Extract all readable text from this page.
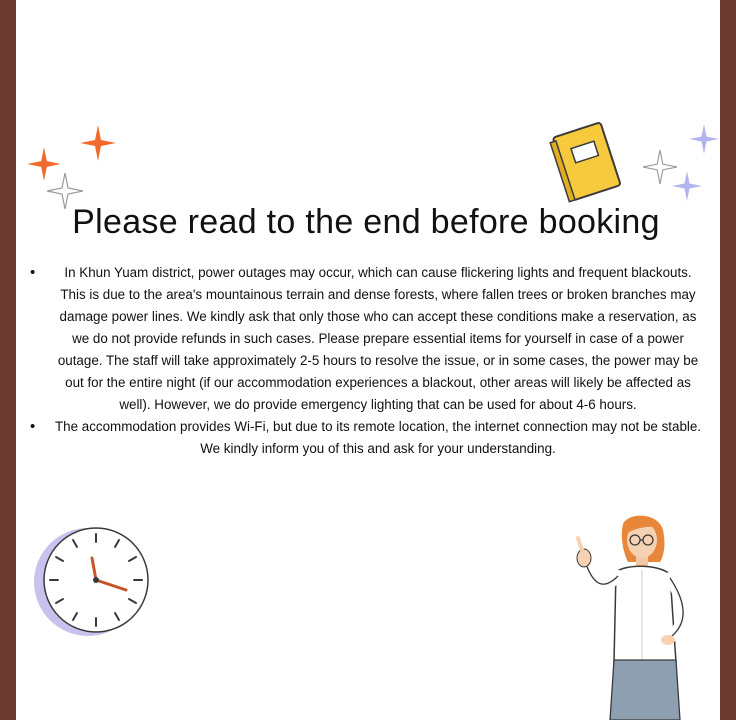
Please read to the end before booking
• In Khun Yuam district, power outages may occur, which can cause flickering lights and frequent blackouts. This is due to the area's mountainous terrain and dense forests, where fallen trees or broken branches may damage power lines. We kindly ask that only those who can accept these conditions make a reservation, as we do not provide refunds in such cases. Please prepare essential items for yourself in case of a power outage. The staff will take approximately 2-5 hours to resolve the issue, or in some cases, the power may be out for the entire night (if our accommodation experiences a blackout, other areas will likely be affected as well). However, we do provide emergency lighting that can be used for about 4-6 hours.
• The accommodation provides Wi-Fi, but due to its remote location, the internet connection may not be stable. We kindly inform you of this and ask for your understanding.
